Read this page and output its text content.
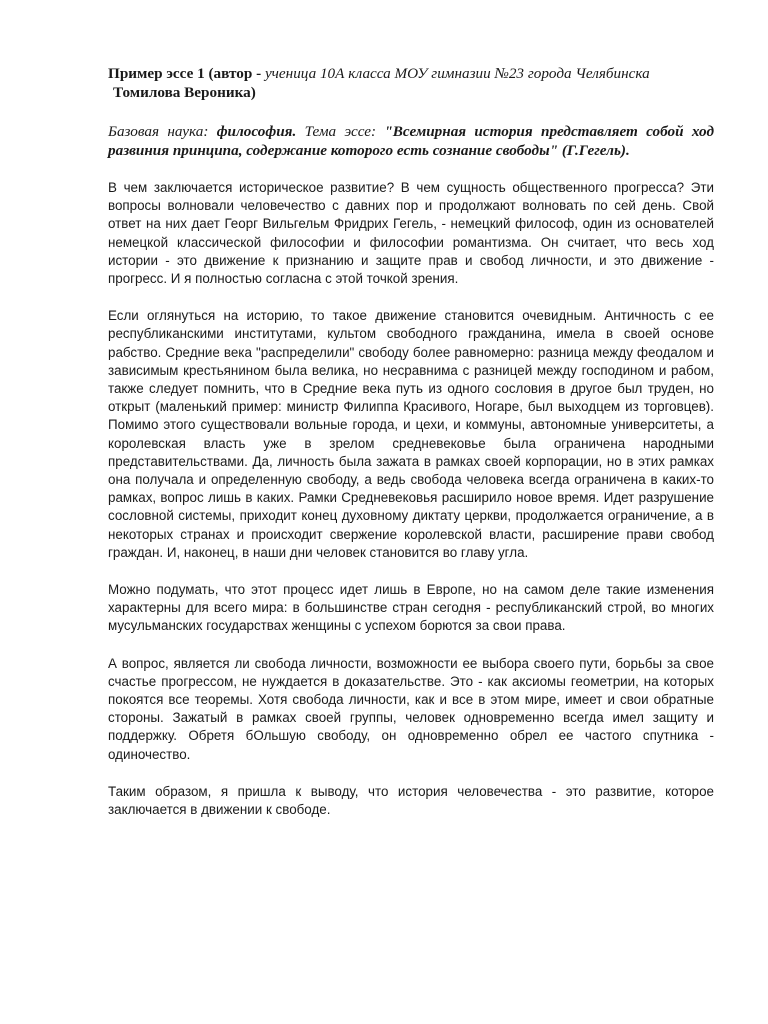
Пример эссе 1 (автор - ученица 10А класса МОУ гимназии №23 города Челябинска
Томилова Вероника)

Базовая наука: философия. Тема эссе: "Всемирная история представляет собой ход развиния принципа, содержание которого есть сознание свободы" (Г.Гегель).

В чем заключается историческое развитие? В чем сущность общественного прогресса? Эти вопросы волновали человечество с давних пор и продолжают волновать по сей день. Свой ответ на них дает Георг Вильгельм Фридрих Гегель, - немецкий философ, один из основателей немецкой классической философии и философии романтизма. Он считает, что весь ход истории - это движение к признанию и защите прав и свобод личности, и это движение - прогресс. И я полностью согласна с этой точкой зрения.

Если оглянуться на историю, то такое движение становится очевидным. Античность с ее республиканскими институтами, культом свободного гражданина, имела в своей основе рабство. Средние века "распределили" свободу более равномерно: разница между феодалом и зависимым крестьянином была велика, но несравнима с разницей между господином и рабом, также следует помнить, что в Средние века путь из одного сословия в другое был труден, но открыт (маленький пример: министр Филиппа Красивого, Ногаре, был выходцем из торговцев). Помимо этого существовали вольные города, и цехи, и коммуны, автономные университеты, а королевская власть уже в зрелом средневековье была ограничена народными представительствами. Да, личность была зажата в рамках своей корпорации, но в этих рамках она получала и определенную свободу, а ведь свобода человека всегда ограничена в каких-то рамках, вопрос лишь в каких. Рамки Средневековья расширило новое время. Идет разрушение сословной системы, приходит конец духовному диктату церкви, продолжается ограничение, а в некоторых странах и происходит свержение королевской власти, расширение прави свобод граждан. И, наконец, в наши дни человек становится во главу угла.

Можно подумать, что этот процесс идет лишь в Европе, но на самом деле такие изменения характерны для всего мира: в большинстве стран сегодня - республиканский строй, во многих мусульманских государствах женщины с успехом борются за свои права.

А вопрос, является ли свобода личности, возможности ее выбора своего пути, борьбы за свое счастье прогрессом, не нуждается в доказательстве. Это - как аксиомы геометрии, на которых покоятся все теоремы. Хотя свобода личности, как и все в этом мире, имеет и свои обратные стороны. Зажатый в рамках своей группы, человек одновременно всегда имел защиту и поддержку. Обретя бОльшую свободу, он одновременно обрел ее частого спутника - одиночество.

Таким образом, я пришла к выводу, что история человечества - это развитие, которое заключается в движении к свободе.
